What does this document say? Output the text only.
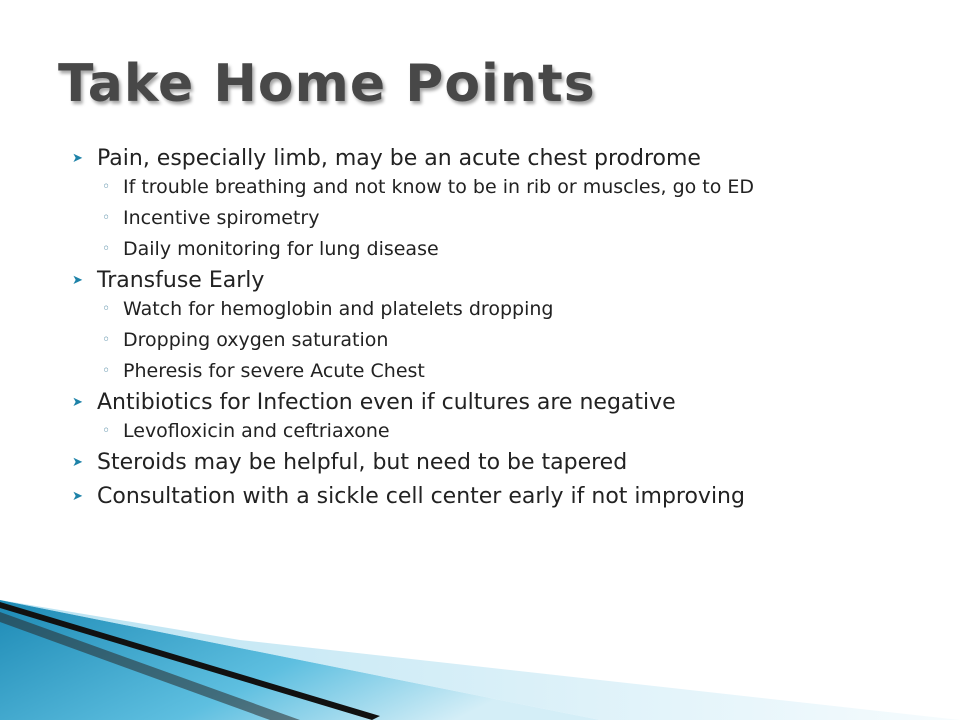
Take Home Points
➤ Pain, especially limb, may be an acute chest prodrome
◦ If trouble breathing and not know to be in rib or muscles, go to ED
◦ Incentive spirometry
◦ Daily monitoring for lung disease
➤ Transfuse Early
◦ Watch for hemoglobin and platelets dropping
◦ Dropping oxygen saturation
◦ Pheresis for severe Acute Chest
➤ Antibiotics for Infection even if cultures are negative
◦ Levofloxicin and ceftriaxone
➤ Steroids may be helpful, but need to be tapered
➤ Consultation with a sickle cell center early if not improving
